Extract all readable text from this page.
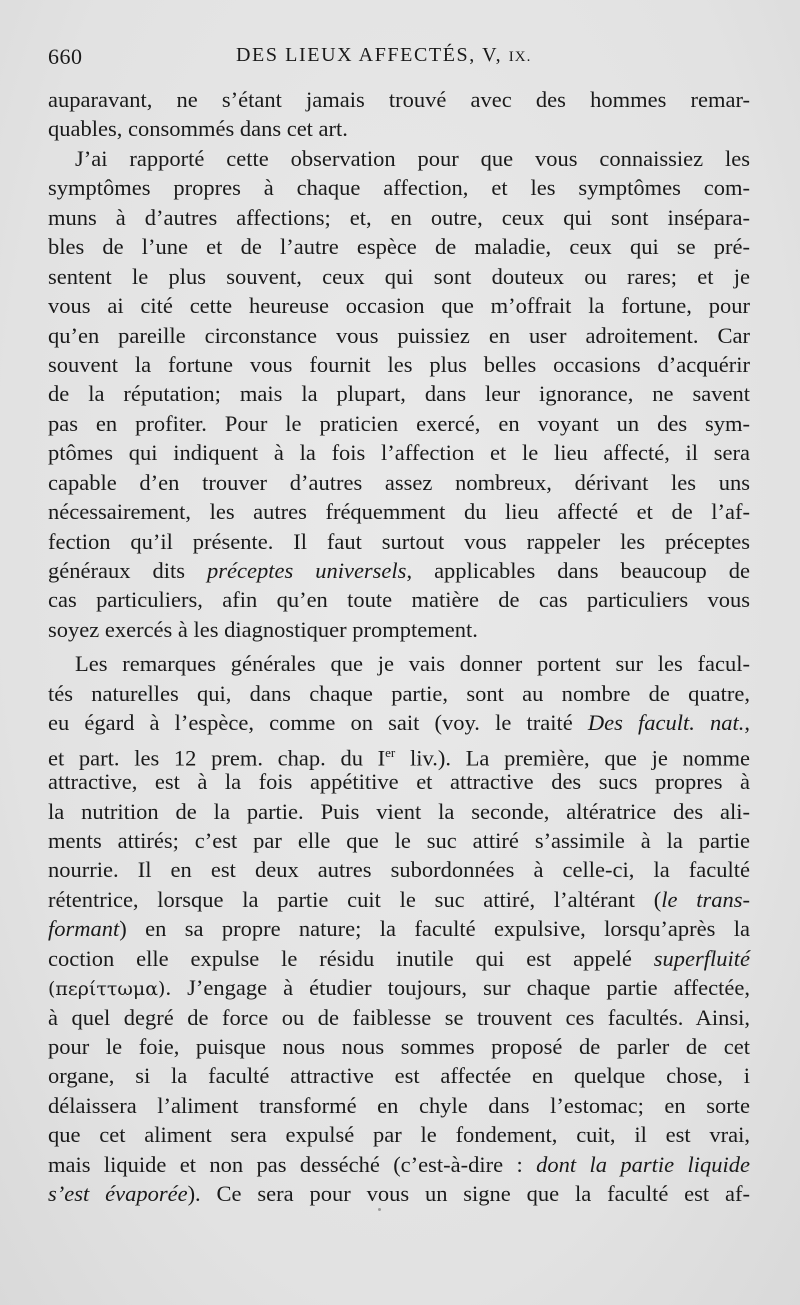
660	DES LIEUX AFFECTÉS, V, IX.
auparavant, ne s’étant jamais trouvé avec des hommes remar-
quables, consommés dans cet art.
J’ai rapporté cette observation pour que vous connaissiez les
symptômes propres à chaque affection, et les symptômes com-
muns à d’autres affections; et, en outre, ceux qui sont insépara-
bles de l’une et de l’autre espèce de maladie, ceux qui se pré-
sentent le plus souvent, ceux qui sont douteux ou rares; et je
vous ai cité cette heureuse occasion que m’offrait la fortune, pour
qu’en pareille circonstance vous puissiez en user adroitement. Car
souvent la fortune vous fournit les plus belles occasions d’acquérir
de la réputation; mais la plupart, dans leur ignorance, ne savent
pas en profiter. Pour le praticien exercé, en voyant un des sym-
ptômes qui indiquent à la fois l’affection et le lieu affecté, il sera
capable d’en trouver d’autres assez nombreux, dérivant les uns
nécessairement, les autres fréquemment du lieu affecté et de l’af-
fection qu’il présente. Il faut surtout vous rappeler les préceptes
généraux dits préceptes universels, applicables dans beaucoup de
cas particuliers, afin qu’en toute matière de cas particuliers vous
soyez exercés à les diagnostiquer promptement.
Les remarques générales que je vais donner portent sur les facul-
tés naturelles qui, dans chaque partie, sont au nombre de quatre,
eu égard à l’espèce, comme on sait (voy. le traité Des facult. nat.,
et part. les 12 prem. chap. du Ier liv.). La première, que je nomme
attractive, est à la fois appétitive et attractive des sucs propres à
la nutrition de la partie. Puis vient la seconde, altératrice des ali-
ments attirés; c’est par elle que le suc attiré s’assimile à la partie
nourrie. Il en est deux autres subordonnées à celle-ci, la faculté
rétentrice, lorsque la partie cuit le suc attiré, l’altérant (le trans-
formant) en sa propre nature; la faculté expulsive, lorsqu’après la
coction elle expulse le résidu inutile qui est appelé superfluité
(περίττωμα). J’engage à étudier toujours, sur chaque partie affectée,
à quel degré de force ou de faiblesse se trouvent ces facultés. Ainsi,
pour le foie, puisque nous nous sommes proposé de parler de cet
organe, si la faculté attractive est affectée en quelque chose, i
délaissera l’aliment transformé en chyle dans l’estomac; en sorte
que cet aliment sera expulsé par le fondement, cuit, il est vrai,
mais liquide et non pas desséché (c’est-à-dire : dont la partie liquide
s’est évaporée). Ce sera pour vous un signe que la faculté est af-
